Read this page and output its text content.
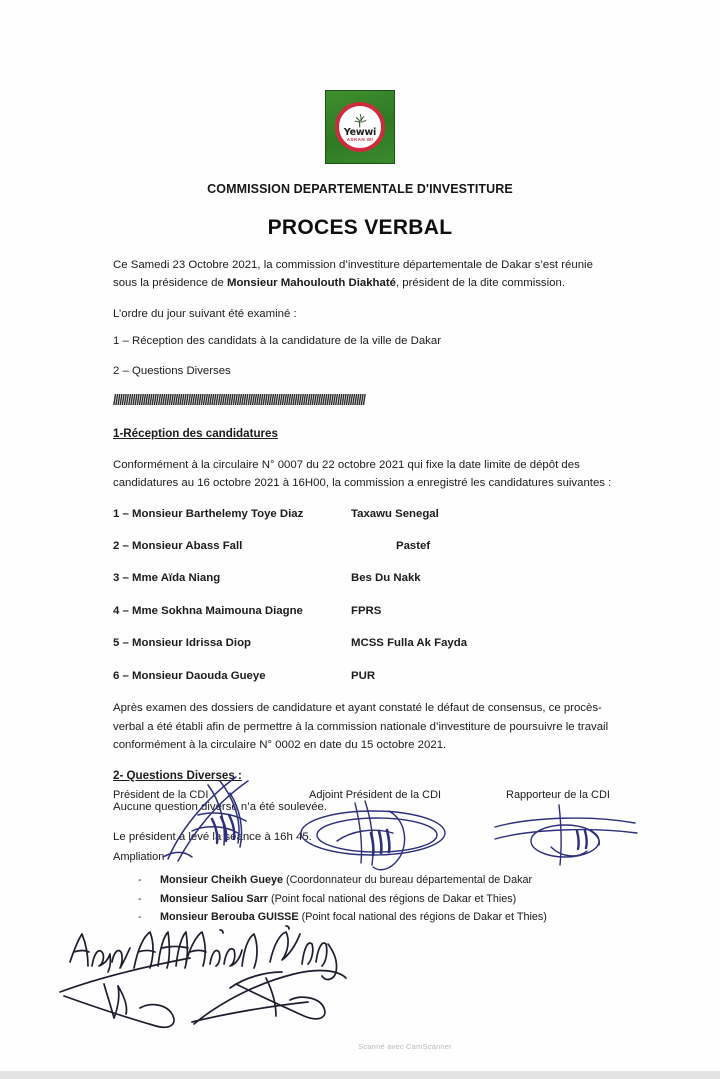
Yewwi
ASKAN WI
COMMISSION DEPARTEMENTALE D'INVESTITURE
PROCES VERBAL

Ce Samedi 23 Octobre 2021, la commission d’investiture départementale de Dakar s’est réunie sous la présidence de Monsieur Mahoulouth Diakhaté, président de la dite commission.

L’ordre du jour suivant été examiné :

1 – Réception des candidats à la candidature de la ville de Dakar

2 – Questions Diverses

//////////////////////////////////////////////////////////////////////////////////////////////////////////////////////

1-Réception des candidatures

Conformément à la circulaire N° 0007 du 22 octobre 2021 qui fixe la date limite de dépôt des candidatures au 16 octobre 2021 à 16H00, la commission a enregistré les candidatures suivantes :

1 – Monsieur Barthelemy Toye Diaz	Taxawu Senegal
2 – Monsieur Abass Fall	Pastef
3 – Mme Aïda Niang	Bes Du Nakk
4 – Mme Sokhna Maimouna Diagne	FPRS
5 – Monsieur Idrissa Diop	MCSS Fulla Ak Fayda
6 – Monsieur Daouda Gueye	PUR

Après examen des dossiers de candidature et ayant constaté le défaut de consensus, ce procès-verbal a été établi afin de permettre à la commission nationale d’investiture de poursuivre le travail conformément à la circulaire N° 0002 en date du 15 octobre 2021.

2- Questions Diverses :

Aucune question diverse n’a été soulevée.

Le président a levé la séance à 16h 45.

Président de la CDI	Adjoint Président de la CDI	Rapporteur de la CDI
Ampliation
-	Monsieur Cheikh Gueye (Coordonnateur du bureau départemental de Dakar
-	Monsieur Saliou Sarr (Point focal national des régions de Dakar et Thies)
-	Monsieur Berouba GUISSE (Point focal national des régions de Dakar et Thies)
Scanné avec CamScanner
